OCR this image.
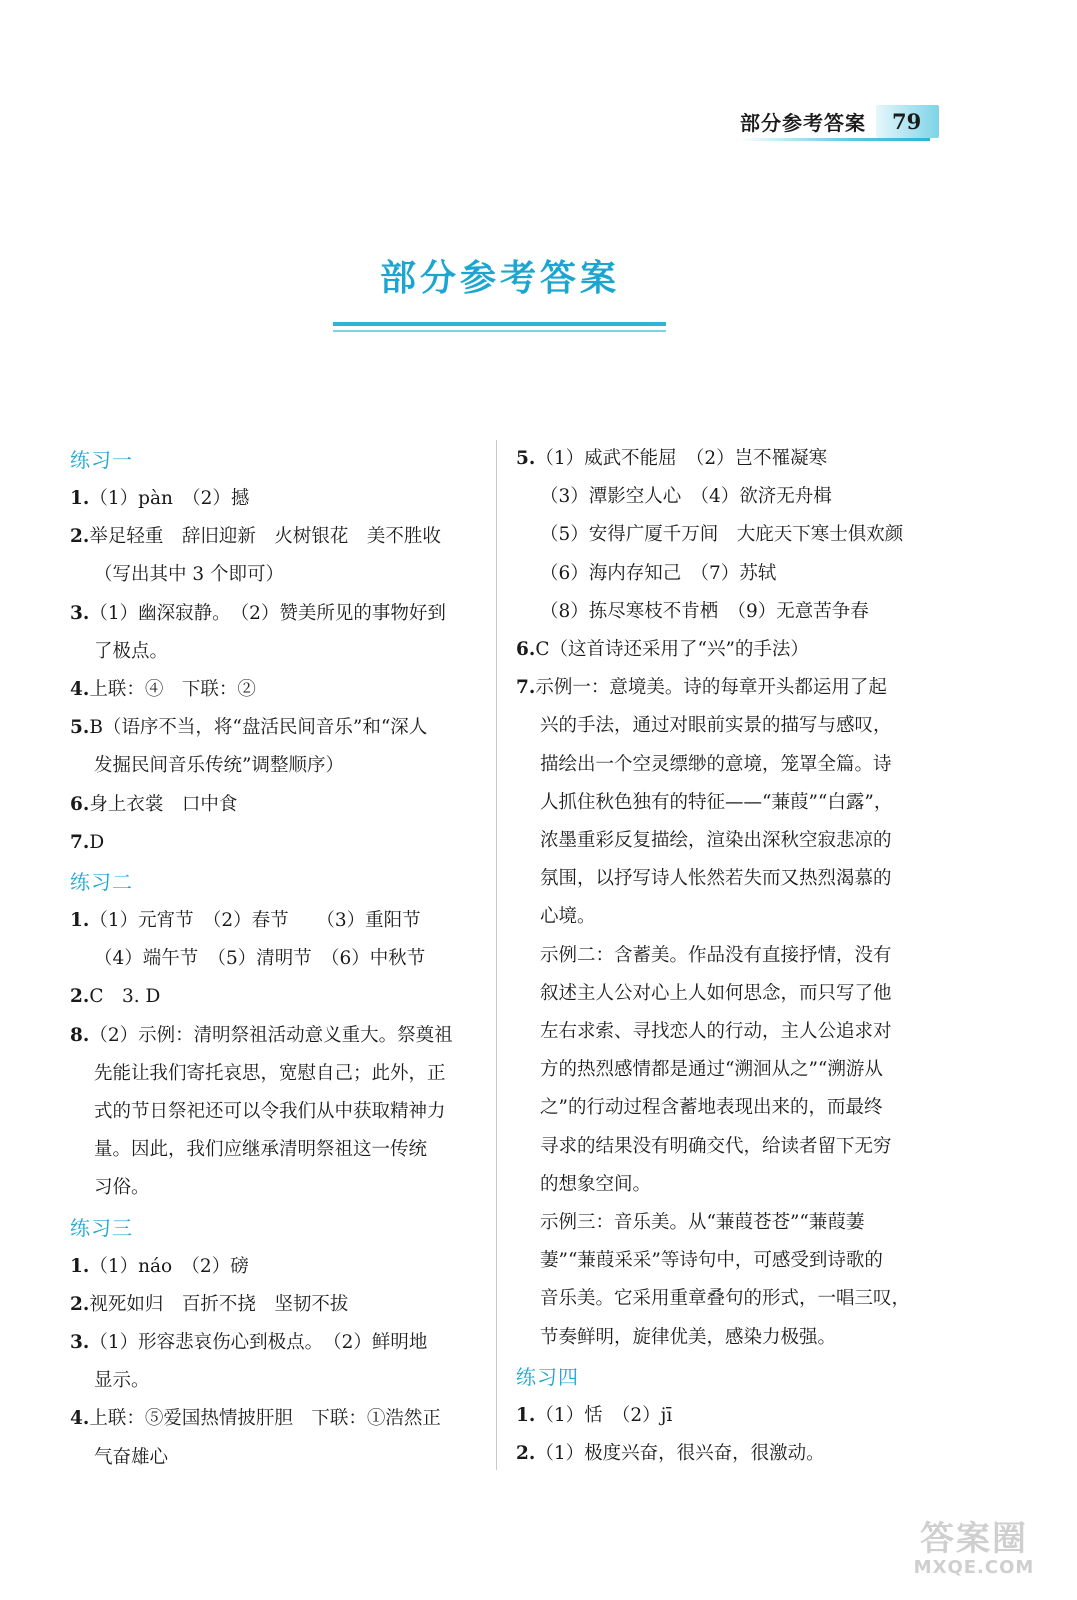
部分参考答案	79
部分参考答案
练习一
1.（1）pàn　（2）撼
2.举足轻重　辞旧迎新　火树银花　美不胜收
（写出其中 3 个即可）
3.（1）幽深寂静。　（2）赞美所见的事物好到
了极点。
4.上联：④　下联：②
5.B（语序不当，将“盘活民间音乐”和“深人
发掘民间音乐传统”调整顺序）
6.身上衣裳　口中食
7.D
练习二
1.（1）元宵节　（2）春节　　（3）重阳节
（4）端午节　（5）清明节　（6）中秋节
2.C　3. D
8.（2）示例：清明祭祖活动意义重大。祭奠祖
先能让我们寄托哀思，宽慰自己；此外，正
式的节日祭祀还可以令我们从中获取精神力
量。因此，我们应继承清明祭祖这一传统
习俗。
练习三
1.（1）náo　（2）磅
2.视死如归　百折不挠　坚韧不拔
3.（1）形容悲哀伤心到极点。　（2）鲜明地
显示。
4.上联：⑤爱国热情披肝胆　下联：①浩然正
气奋雄心
5.（1）威武不能屈　（2）岂不罹凝寒
（3）潭影空人心　（4）欲济无舟楫
（5）安得广厦千万间　大庇天下寒士俱欢颜
（6）海内存知己　（7）苏轼
（8）拣尽寒枝不肯栖　（9）无意苦争春
6.C（这首诗还采用了“兴”的手法）
7.示例一：意境美。诗的每章开头都运用了起
兴的手法，通过对眼前实景的描写与感叹，
描绘出一个空灵缥缈的意境，笼罩全篇。诗
人抓住秋色独有的特征——“蒹葭”“白露”，
浓墨重彩反复描绘，渲染出深秋空寂悲凉的
氛围，以抒写诗人怅然若失而又热烈渴慕的
心境。
示例二：含蓄美。作品没有直接抒情，没有
叙述主人公对心上人如何思念，而只写了他
左右求索、寻找恋人的行动，主人公追求对
方的热烈感情都是通过“溯洄从之”“溯游从
之”的行动过程含蓄地表现出来的，而最终
寻求的结果没有明确交代，给读者留下无穷
的想象空间。
示例三：音乐美。从“蒹葭苍苍”“蒹葭萋
萋”“蒹葭采采”等诗句中，可感受到诗歌的
音乐美。它采用重章叠句的形式，一唱三叹，
节奏鲜明，旋律优美，感染力极强。
练习四
1.（1）恬　（2）jī
2.（1）极度兴奋，很兴奋，很激动。
答案圈
MXQE.COM
